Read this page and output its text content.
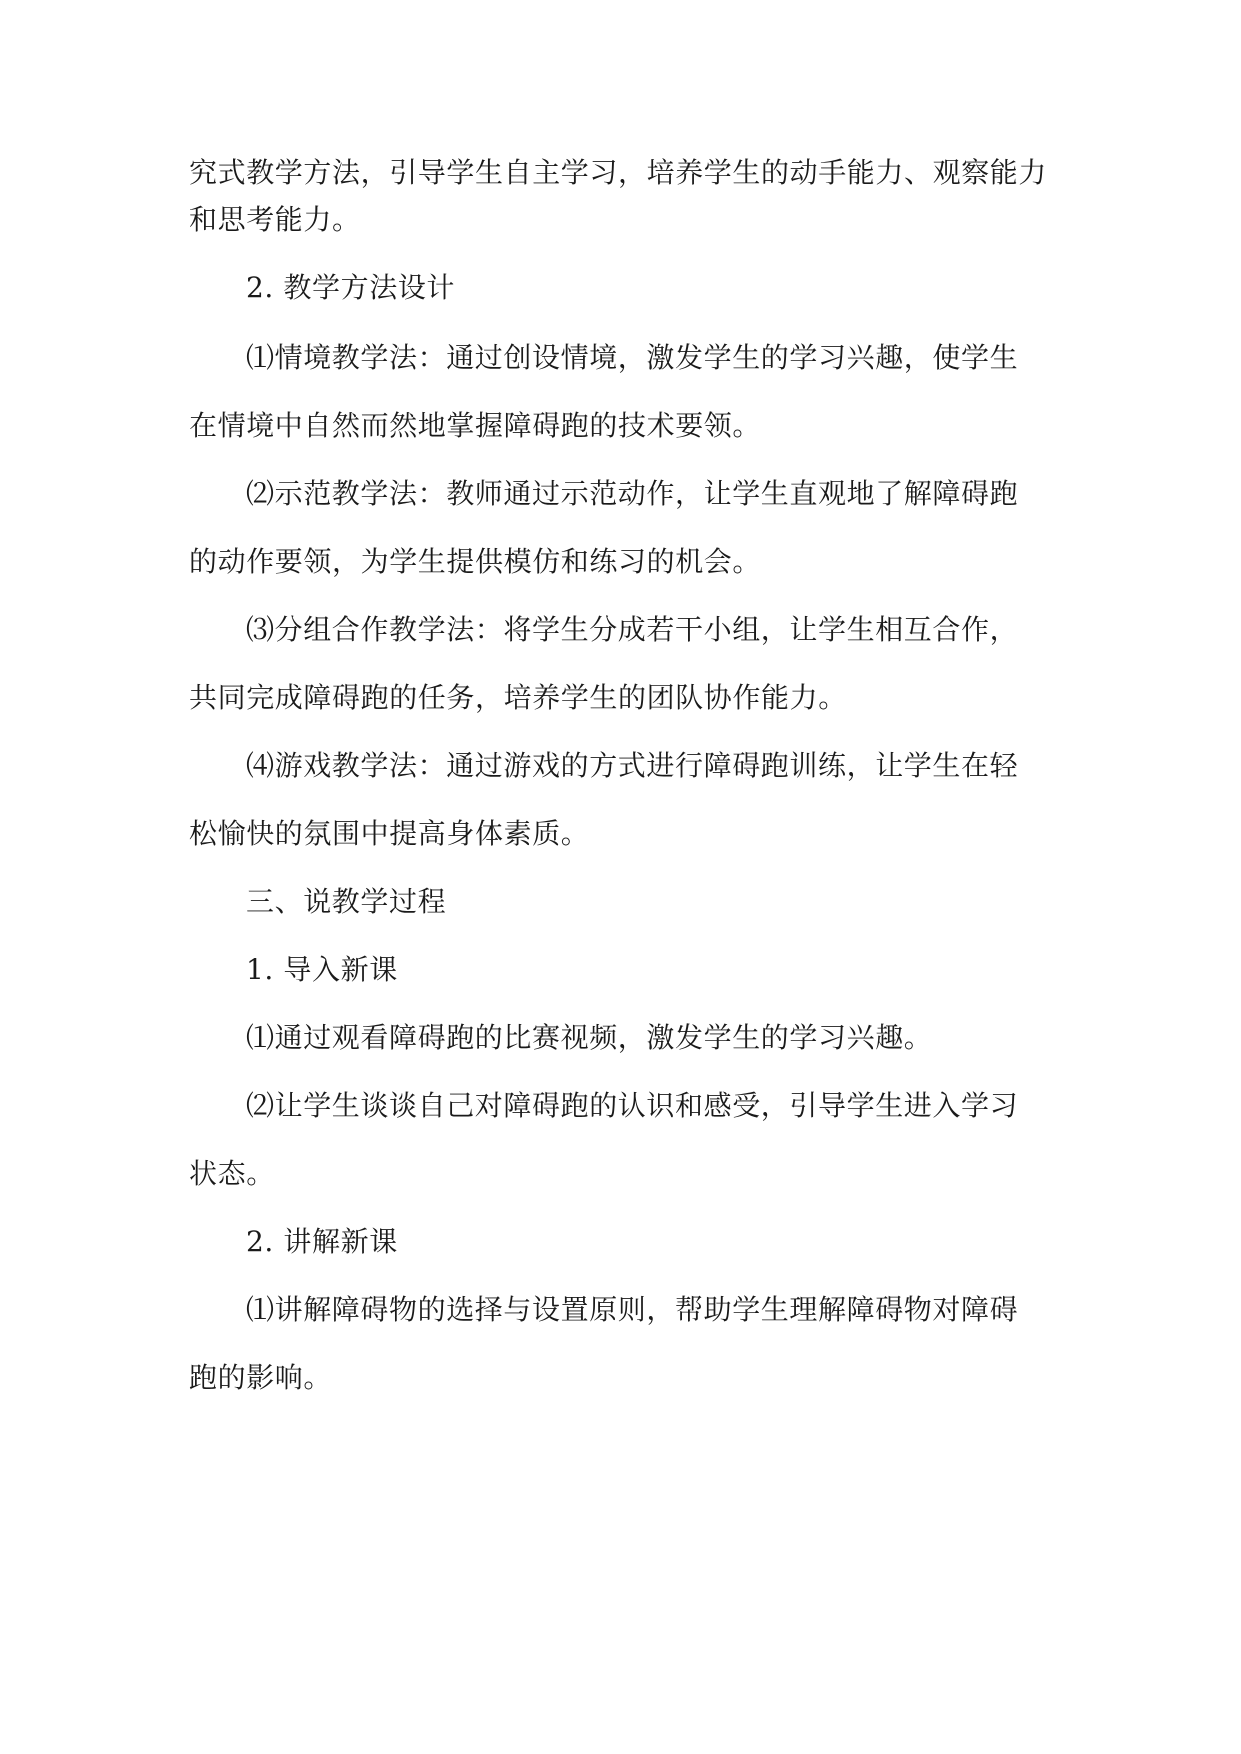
究式教学方法，引导学生自主学习，培养学生的动手能力、观察能力
和思考能力。
2. 教学方法设计
⑴情境教学法：通过创设情境，激发学生的学习兴趣，使学生
在情境中自然而然地掌握障碍跑的技术要领。
⑵示范教学法：教师通过示范动作，让学生直观地了解障碍跑
的动作要领，为学生提供模仿和练习的机会。
⑶分组合作教学法：将学生分成若干小组，让学生相互合作，
共同完成障碍跑的任务，培养学生的团队协作能力。
⑷游戏教学法：通过游戏的方式进行障碍跑训练，让学生在轻
松愉快的氛围中提高身体素质。
三、说教学过程
1. 导入新课
⑴通过观看障碍跑的比赛视频，激发学生的学习兴趣。
⑵让学生谈谈自己对障碍跑的认识和感受，引导学生进入学习
状态。
2. 讲解新课
⑴讲解障碍物的选择与设置原则，帮助学生理解障碍物对障碍
跑的影响。
